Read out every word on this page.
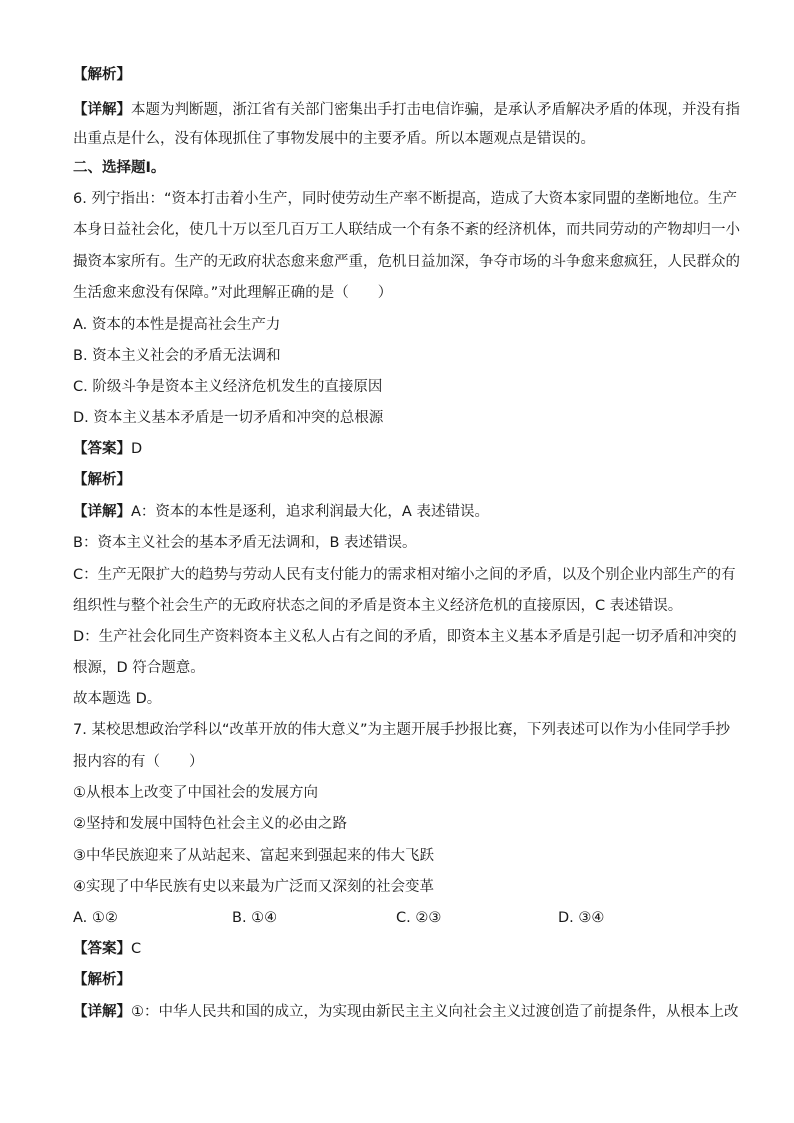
【解析】
【详解】本题为判断题，浙江省有关部门密集出手打击电信诈骗，是承认矛盾解决矛盾的体现，并没有指
出重点是什么，没有体现抓住了事物发展中的主要矛盾。所以本题观点是错误的。
二、选择题Ⅰ。
6. 列宁指出：“资本打击着小生产，同时使劳动生产率不断提高，造成了大资本家同盟的垄断地位。生产
本身日益社会化，使几十万以至几百万工人联结成一个有条不紊的经济机体，而共同劳动的产物却归一小
撮资本家所有。生产的无政府状态愈来愈严重，危机日益加深，争夺市场的斗争愈来愈疯狂，人民群众的
生活愈来愈没有保障。”对此理解正确的是（　　）
A. 资本的本性是提高社会生产力
B. 资本主义社会的矛盾无法调和
C. 阶级斗争是资本主义经济危机发生的直接原因
D. 资本主义基本矛盾是一切矛盾和冲突的总根源
【答案】D
【解析】
【详解】A：资本的本性是逐利，追求利润最大化，A 表述错误。
B：资本主义社会的基本矛盾无法调和，B 表述错误。
C：生产无限扩大的趋势与劳动人民有支付能力的需求相对缩小之间的矛盾，以及个别企业内部生产的有
组织性与整个社会生产的无政府状态之间的矛盾是资本主义经济危机的直接原因，C 表述错误。
D：生产社会化同生产资料资本主义私人占有之间的矛盾，即资本主义基本矛盾是引起一切矛盾和冲突的
根源，D 符合题意。
故本题选 D。
7. 某校思想政治学科以“改革开放的伟大意义”为主题开展手抄报比赛，下列表述可以作为小佳同学手抄
报内容的有（　　）
①从根本上改变了中国社会的发展方向
②坚持和发展中国特色社会主义的必由之路
③中华民族迎来了从站起来、富起来到强起来的伟大飞跃
④实现了中华民族有史以来最为广泛而又深刻的社会变革
A. ①②	B. ①④	C. ②③	D. ③④
【答案】C
【解析】
【详解】①：中华人民共和国的成立，为实现由新民主主义向社会主义过渡创造了前提条件，从根本上改
